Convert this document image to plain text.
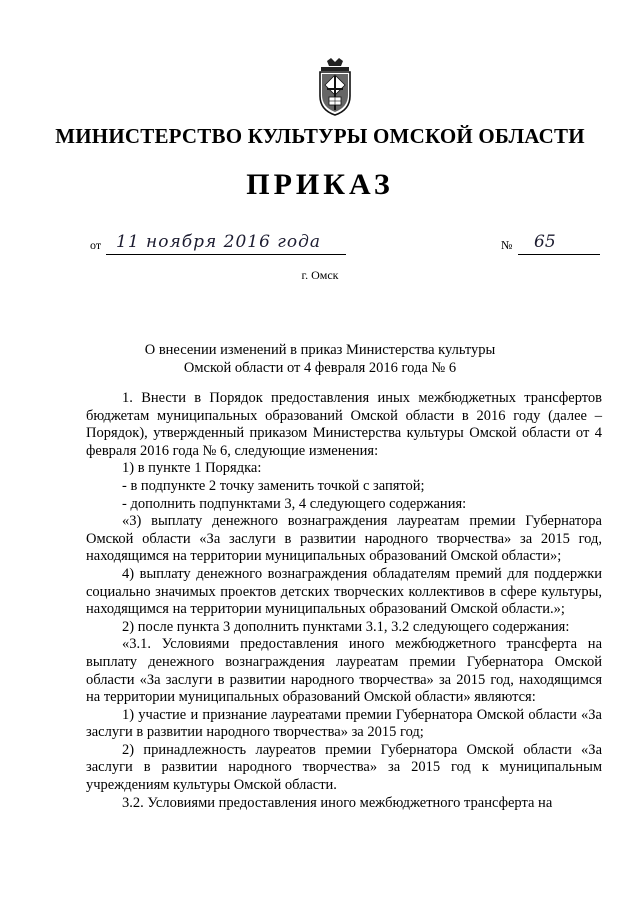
МИНИСТЕРСТВО КУЛЬТУРЫ ОМСКОЙ ОБЛАСТИ
ПРИКАЗ
от 11 ноября 2016 года	№ 65
г. Омск
О внесении изменений в приказ Министерства культуры
Омской области от 4 февраля 2016 года № 6

1. Внести в Порядок предоставления иных межбюджетных трансфертов бюджетам муниципальных образований Омской области в 2016 году (далее – Порядок), утвержденный приказом Министерства культуры Омской области от 4 февраля 2016 года № 6, следующие изменения:

1) в пункте 1 Порядка:

- в подпункте 2 точку заменить точкой с запятой;

- дополнить подпунктами 3, 4 следующего содержания:

«3) выплату денежного вознаграждения лауреатам премии Губернатора Омской области «За заслуги в развитии народного творчества» за 2015 год, находящимся на территории муниципальных образований Омской области»;

4) выплату денежного вознаграждения обладателям премий для поддержки социально значимых проектов детских творческих коллективов в сфере культуры, находящимся на территории муниципальных образований Омской области.»;

2) после пункта 3 дополнить пунктами 3.1, 3.2 следующего содержания:

«3.1. Условиями предоставления иного межбюджетного трансферта на выплату денежного вознаграждения лауреатам премии Губернатора Омской области «За заслуги в развитии народного творчества» за 2015 год, находящимся на территории муниципальных образований Омской области» являются:

1) участие и признание лауреатами премии Губернатора Омской области «За заслуги в развитии народного творчества» за 2015 год;

2) принадлежность лауреатов премии Губернатора Омской области «За заслуги в развитии народного творчества» за 2015 год к муниципальным учреждениям культуры Омской области.

3.2. Условиями предоставления иного межбюджетного трансферта на
